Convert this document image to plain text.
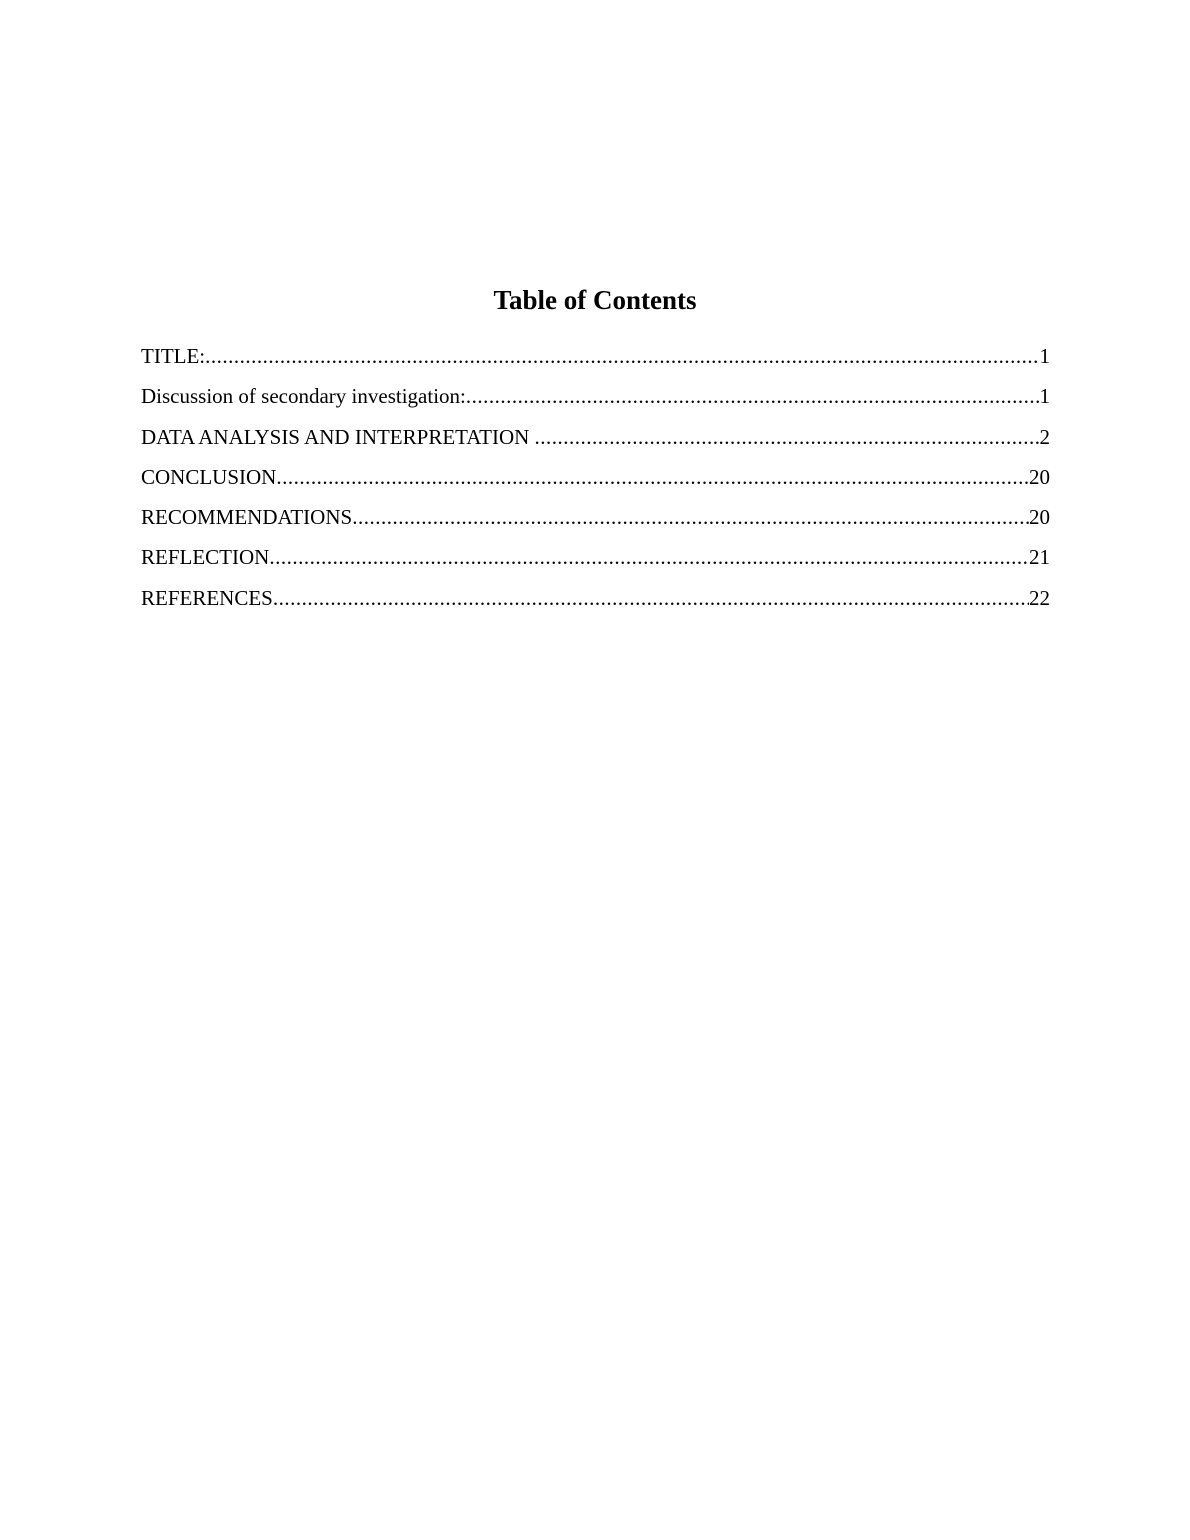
Table of Contents
TITLE: .....	1
Discussion of secondary investigation: .....	1
DATA ANALYSIS AND INTERPRETATION .....	2
CONCLUSION .....	20
RECOMMENDATIONS .....	20
REFLECTION .....	21
REFERENCES .....	22
